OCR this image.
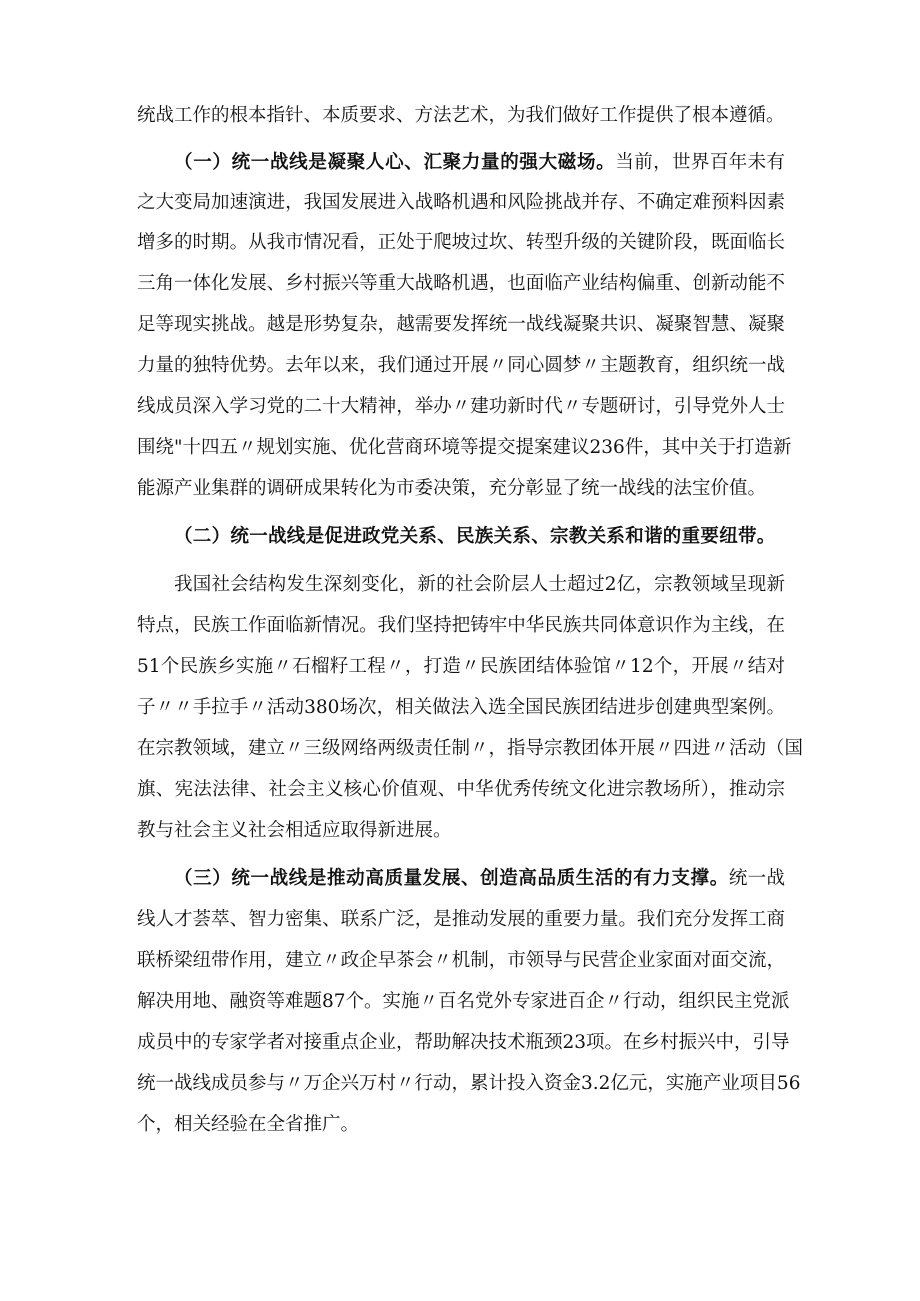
统战工作的根本指针、本质要求、方法艺术，为我们做好工作提供了根本遵循。
（一）统一战线是凝聚人心、汇聚力量的强大磁场。当前，世界百年未有
之大变局加速演进，我国发展进入战略机遇和风险挑战并存、不确定难预料因素
增多的时期。从我市情况看，正处于爬坡过坎、转型升级的关键阶段，既面临长
三角一体化发展、乡村振兴等重大战略机遇，也面临产业结构偏重、创新动能不
足等现实挑战。越是形势复杂，越需要发挥统一战线凝聚共识、凝聚智慧、凝聚
力量的独特优势。去年以来，我们通过开展〃同心圆梦〃主题教育，组织统一战
线成员深入学习党的二十大精神，举办〃建功新时代〃专题研讨，引导党外人士
围绕"十四五〃规划实施、优化营商环境等提交提案建议236件，其中关于打造新
能源产业集群的调研成果转化为市委决策，充分彰显了统一战线的法宝价值。
（二）统一战线是促进政党关系、民族关系、宗教关系和谐的重要纽带。
我国社会结构发生深刻变化，新的社会阶层人士超过2亿，宗教领域呈现新
特点，民族工作面临新情况。我们坚持把铸牢中华民族共同体意识作为主线，在
51个民族乡实施〃石榴籽工程〃，打造〃民族团结体验馆〃12个，开展〃结对
子〃〃手拉手〃活动380场次，相关做法入选全国民族团结进步创建典型案例。
在宗教领域，建立〃三级网络两级责任制〃，指导宗教团体开展〃四进〃活动（国
旗、宪法法律、社会主义核心价值观、中华优秀传统文化进宗教场所），推动宗
教与社会主义社会相适应取得新进展。
（三）统一战线是推动高质量发展、创造高品质生活的有力支撑。统一战
线人才荟萃、智力密集、联系广泛，是推动发展的重要力量。我们充分发挥工商
联桥梁纽带作用，建立〃政企早茶会〃机制，市领导与民营企业家面对面交流，
解决用地、融资等难题87个。实施〃百名党外专家进百企〃行动，组织民主党派
成员中的专家学者对接重点企业，帮助解决技术瓶颈23项。在乡村振兴中，引导
统一战线成员参与〃万企兴万村〃行动，累计投入资金3.2亿元，实施产业项目56
个，相关经验在全省推广。
